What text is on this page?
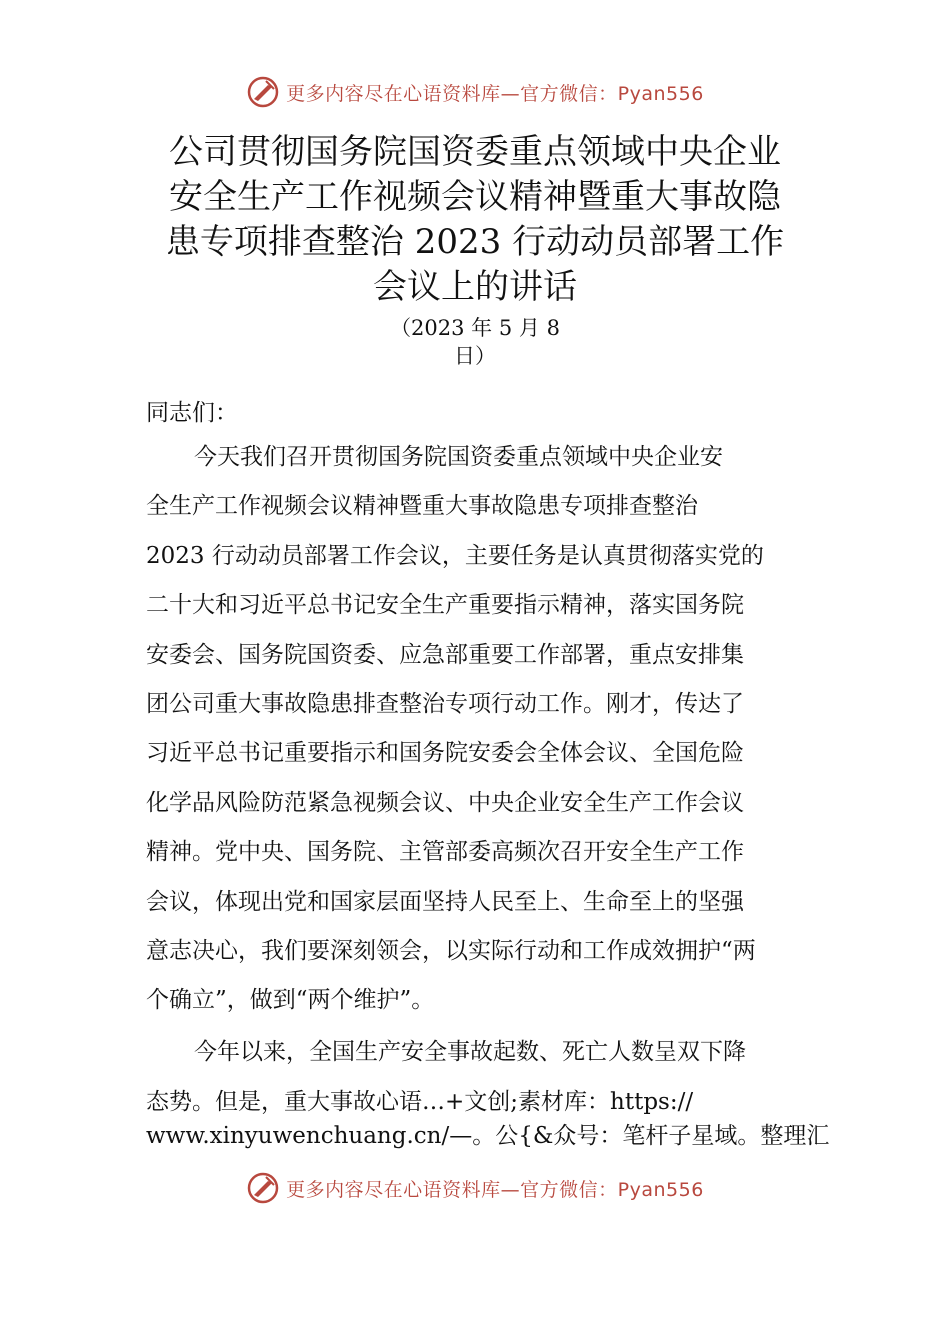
更多内容尽在心语资料库—官方微信：Pyan556
公司贯彻国务院国资委重点领域中央企业
安全生产工作视频会议精神暨重大事故隐
患专项排查整治 2023 行动动员部署工作
会议上的讲话
（2023 年 5 月 8
日）
同志们：
今天我们召开贯彻国务院国资委重点领域中央企业安
全生产工作视频会议精神暨重大事故隐患专项排查整治
2023 行动动员部署工作会议，主要任务是认真贯彻落实党的
二十大和习近平总书记安全生产重要指示精神，落实国务院
安委会、国务院国资委、应急部重要工作部署，重点安排集
团公司重大事故隐患排查整治专项行动工作。刚才，传达了
习近平总书记重要指示和国务院安委会全体会议、全国危险
化学品风险防范紧急视频会议、中央企业安全生产工作会议
精神。党中央、国务院、主管部委高频次召开安全生产工作
会议，体现出党和国家层面坚持人民至上、生命至上的坚强
意志决心，我们要深刻领会，以实际行动和工作成效拥护“两
个确立”，做到“两个维护”。
今年以来，全国生产安全事故起数、死亡人数呈双下降
态势。但是，重大事故心语…+文创;素材库：https://
www.xinyuwenchuang.cn/—。公{&众号：笔杆子星域。整理汇
更多内容尽在心语资料库—官方微信：Pyan556
